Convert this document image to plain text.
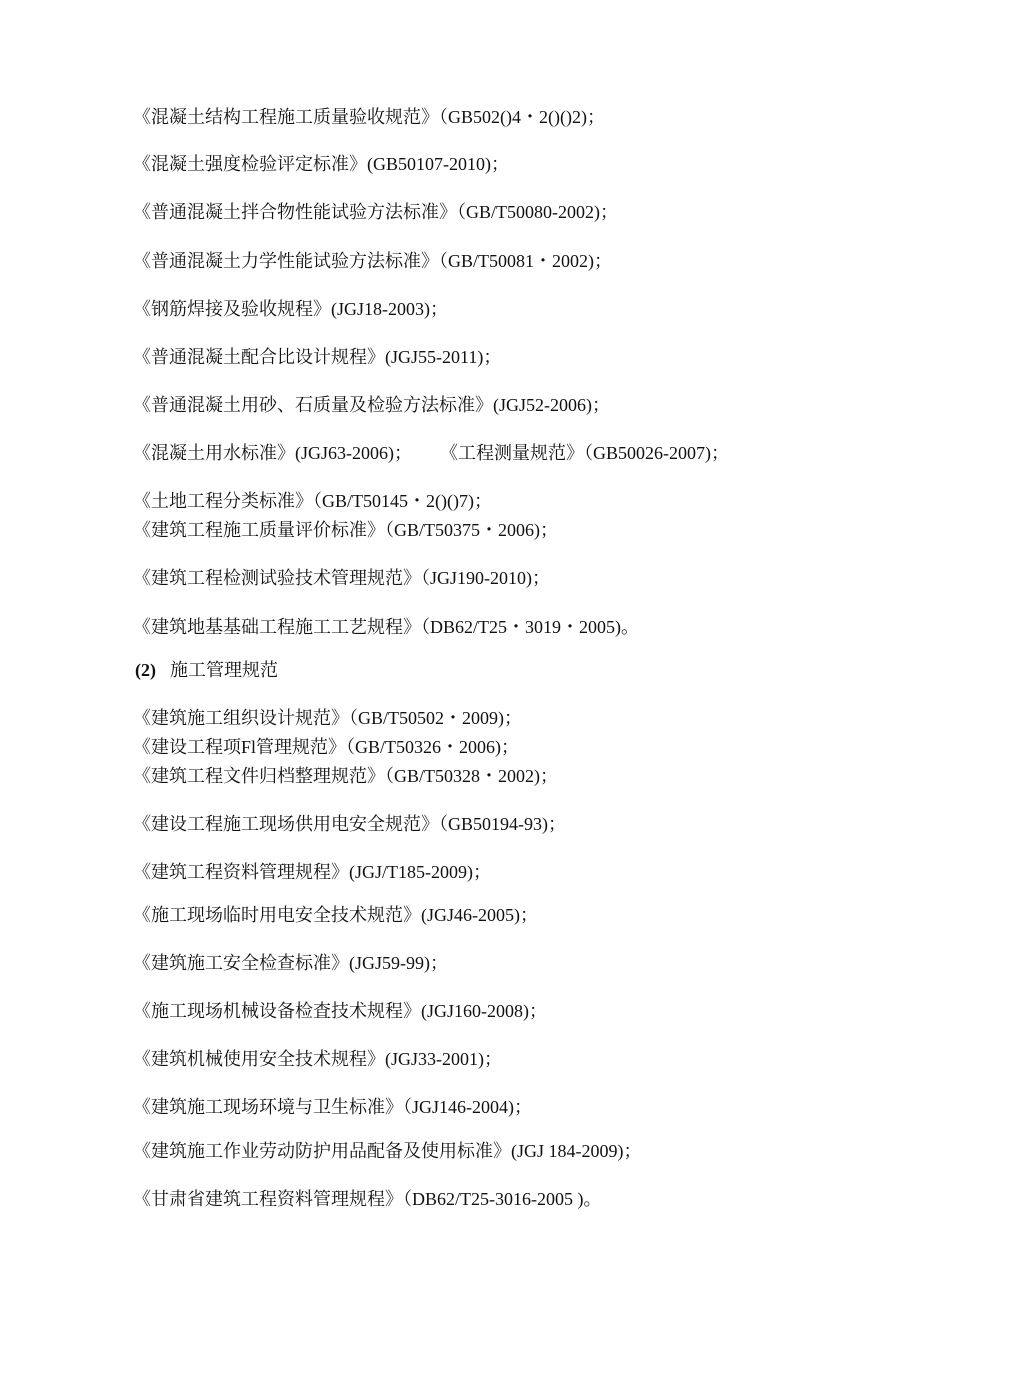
《混凝土结构工程施工质量验收规范》（GB502()4・2()()2)；
《混凝土强度检验评定标准》(GB50107-2010)；
《普通混凝土拌合物性能试验方法标准》（GB/T50080-2002)；
《普通混凝土力学性能试验方法标准》（GB/T50081・2002)；
《钢筋焊接及验收规程》(JGJ18-2003)；
《普通混凝土配合比设计规程》(JGJ55-2011)；
《普通混凝土用砂、石质量及检验方法标准》(JGJ52-2006)；
《混凝土用水标准》(JGJ63-2006)； 《工程测量规范》（GB50026-2007)；
《土地工程分类标准》（GB/T50145・2()()7)；
《建筑工程施工质量评价标准》（GB/T50375・2006)；
《建筑工程检测试验技术管理规范》（JGJ190-2010)；
《建筑地基基础工程施工工艺规程》（DB62/T25・3019・2005)。
(2) 施工管理规范
《建筑施工组织设计规范》（GB/T50502・2009)；
《建设工程项Fl管理规范》（GB/T50326・2006)；
《建筑工程文件归档整理规范》（GB/T50328・2002)；
《建设工程施工现场供用电安全规范》（GB50194-93)；
《建筑工程资料管理规程》(JGJ/T185-2009)；
《施工现场临时用电安全技术规范》(JGJ46-2005)；
《建筑施工安全检查标准》(JGJ59-99)；
《施工现场机械设备检査技术规程》(JGJ160-2008)；
《建筑机械使用安全技术规程》(JGJ33-2001)；
《建筑施工现场环境与卫生标准》（JGJ146-2004)；
《建筑施工作业劳动防护用品配备及使用标准》(JGJ 184-2009)；
《甘肃省建筑工程资料管理规程》（DB62/T25-3016-2005 )。
